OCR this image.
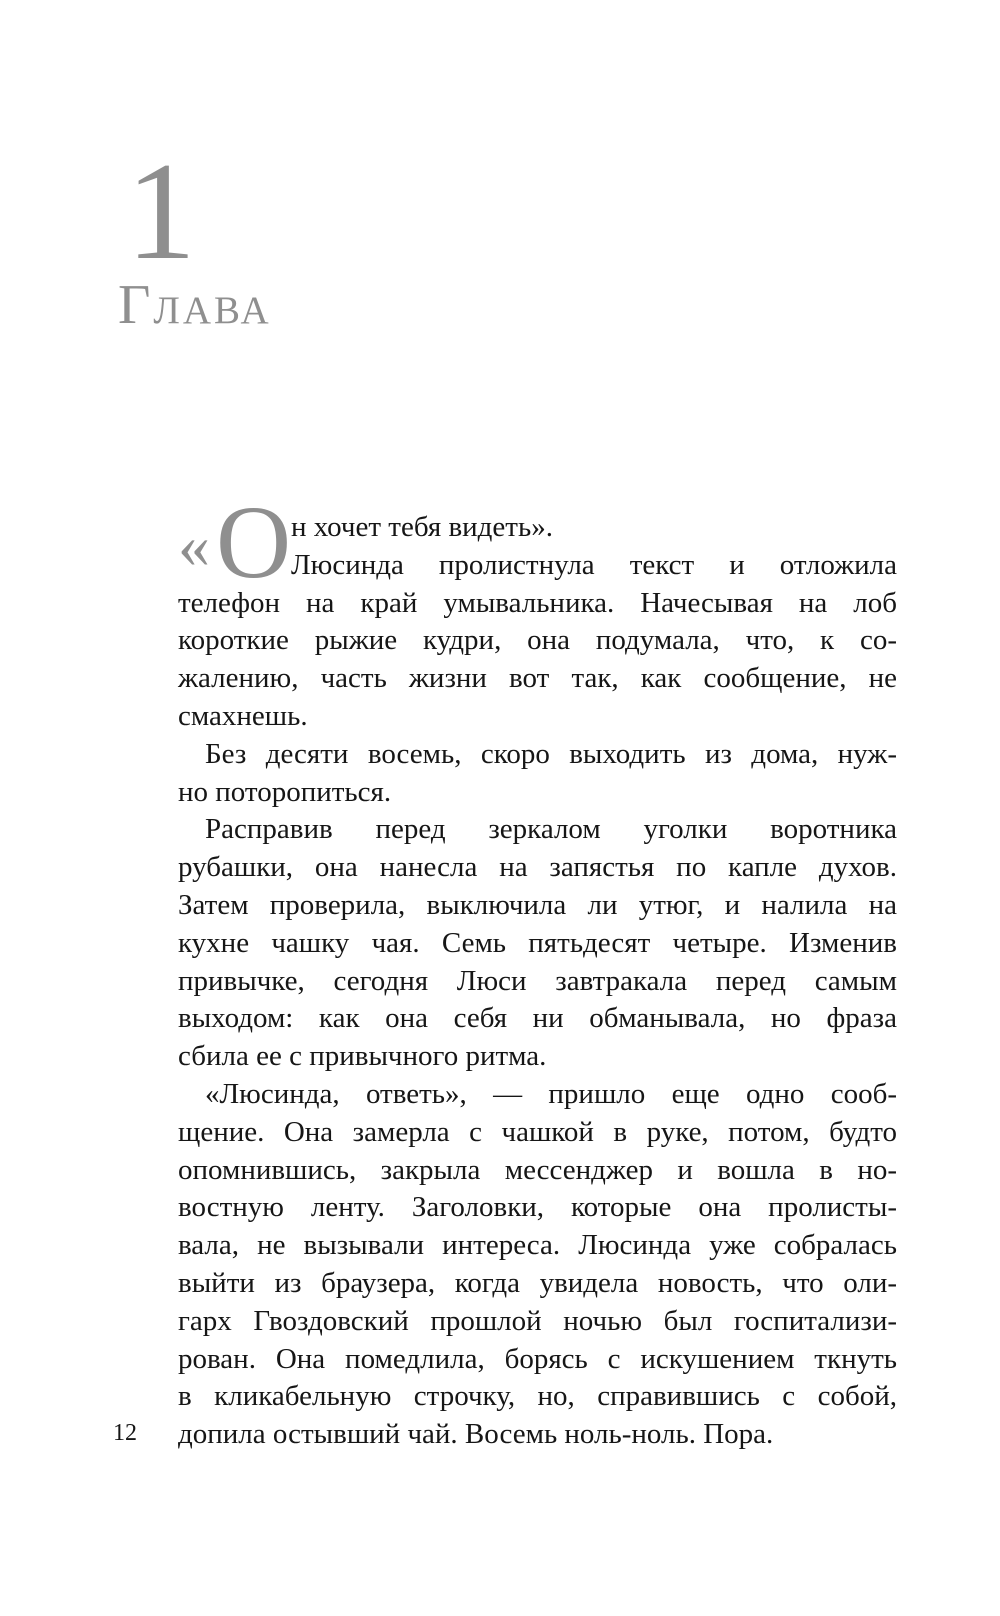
1
Глава
« О н хочет тебя видеть».
Люсинда пролистнула текст и отложила
телефон на край умывальника. Начесывая на лоб
короткие рыжие кудри, она подумала, что, к со-
жалению, часть жизни вот так, как сообщение, не
смахнешь.
Без десяти восемь, скоро выходить из дома, нуж-
но поторопиться.
Расправив перед зеркалом уголки воротника
рубашки, она нанесла на запястья по капле духов.
Затем проверила, выключила ли утюг, и налила на
кухне чашку чая. Семь пятьдесят четыре. Изменив
привычке, сегодня Люси завтракала перед самым
выходом: как она себя ни обманывала, но фраза
сбила ее с привычного ритма.
«Люсинда, ответь», — пришло еще одно сооб-
щение. Она замерла с чашкой в руке, потом, будто
опомнившись, закрыла мессенджер и вошла в но-
востную ленту. Заголовки, которые она пролисты-
вала, не вызывали интереса. Люсинда уже собралась
выйти из браузера, когда увидела новость, что оли-
гарх Гвоздовский прошлой ночью был госпитализи-
рован. Она помедлила, борясь с искушением ткнуть
в кликабельную строчку, но, справившись с собой,
допила остывший чай. Восемь ноль-ноль. Пора.
12
